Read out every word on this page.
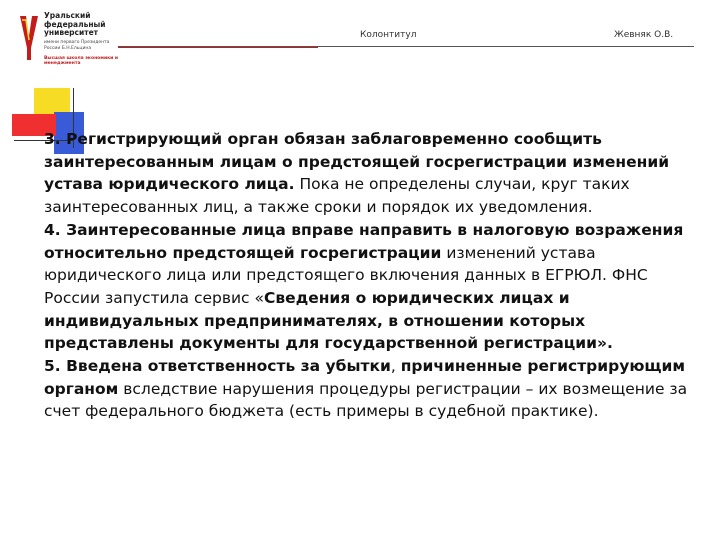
Уральский
федеральный
университет
имени первого Президента России Б.Н.Ельцина
Высшая школа экономики и менеджмента
Колонтитул	Жевняк О.В.

3. Регистрирующий орган обязан заблаговременно сообщить заинтересованным лицам о предстоящей госрегистрации изменений устава юридического лица. Пока не определены случаи, круг таких заинтересованных лиц, а также сроки и порядок их уведомления.

4. Заинтересованные лица вправе направить в налоговую возражения относительно предстоящей госрегистрации изменений устава юридического лица или предстоящего включения данных в ЕГРЮЛ. ФНС России запустила сервис «Сведения о юридических лицах и индивидуальных предпринимателях, в отношении которых представлены документы для государственной регистрации».

5. Введена ответственность за убытки, причиненные регистрирующим органом вследствие нарушения процедуры регистрации – их возмещение за счет федерального бюджета (есть примеры в судебной практике).
